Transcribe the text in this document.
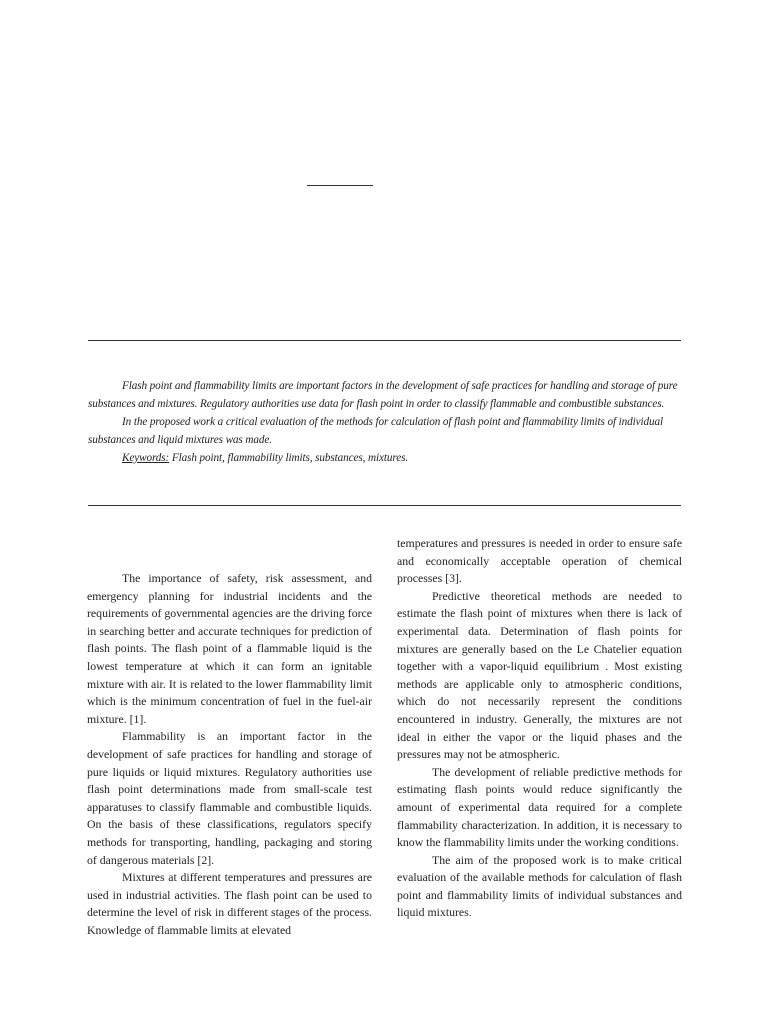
Flash point and flammability limits are important factors in the development of safe practices for handling and storage of pure substances and mixtures. Regulatory authorities use data for flash point in order to classify flammable and combustible substances.

In the proposed work a critical evaluation of the methods for calculation of flash point and flammability limits of individual substances and liquid mixtures was made.

Keywords: Flash point, flammability limits, substances, mixtures.

The importance of safety, risk assessment, and emergency planning for industrial incidents and the requirements of governmental agencies are the driving force in searching better and accurate techniques for prediction of flash points. The flash point of a flammable liquid is the lowest temperature at which it can form an ignitable mixture with air. It is related to the lower flammability limit which is the minimum concentration of fuel in the fuel-air mixture. [1].

Flammability is an important factor in the development of safe practices for handling and storage of pure liquids or liquid mixtures. Regulatory authorities use flash point determinations made from small-scale test apparatuses to classify flammable and combustible liquids. On the basis of these classifications, regulators specify methods for transporting, handling, packaging and storing of dangerous materials [2].

Mixtures at different temperatures and pressures are used in industrial activities. The flash point can be used to determine the level of risk in different stages of the process. Knowledge of flammable limits at elevated

temperatures and pressures is needed in order to ensure safe and economically acceptable operation of chemical processes [3].

Predictive theoretical methods are needed to estimate the flash point of mixtures when there is lack of experimental data. Determination of flash points for mixtures are generally based on the Le Chatelier equation together with a vapor-liquid equilibrium . Most existing methods are applicable only to atmospheric conditions, which do not necessarily represent the conditions encountered in industry. Generally, the mixtures are not ideal in either the vapor or the liquid phases and the pressures may not be atmospheric.

The development of reliable predictive methods for estimating flash points would reduce significantly the amount of experimental data required for a complete flammability characterization. In addition, it is necessary to know the flammability limits under the working conditions.

The aim of the proposed work is to make critical evaluation of the available methods for calculation of flash point and flammability limits of individual substances and liquid mixtures.
